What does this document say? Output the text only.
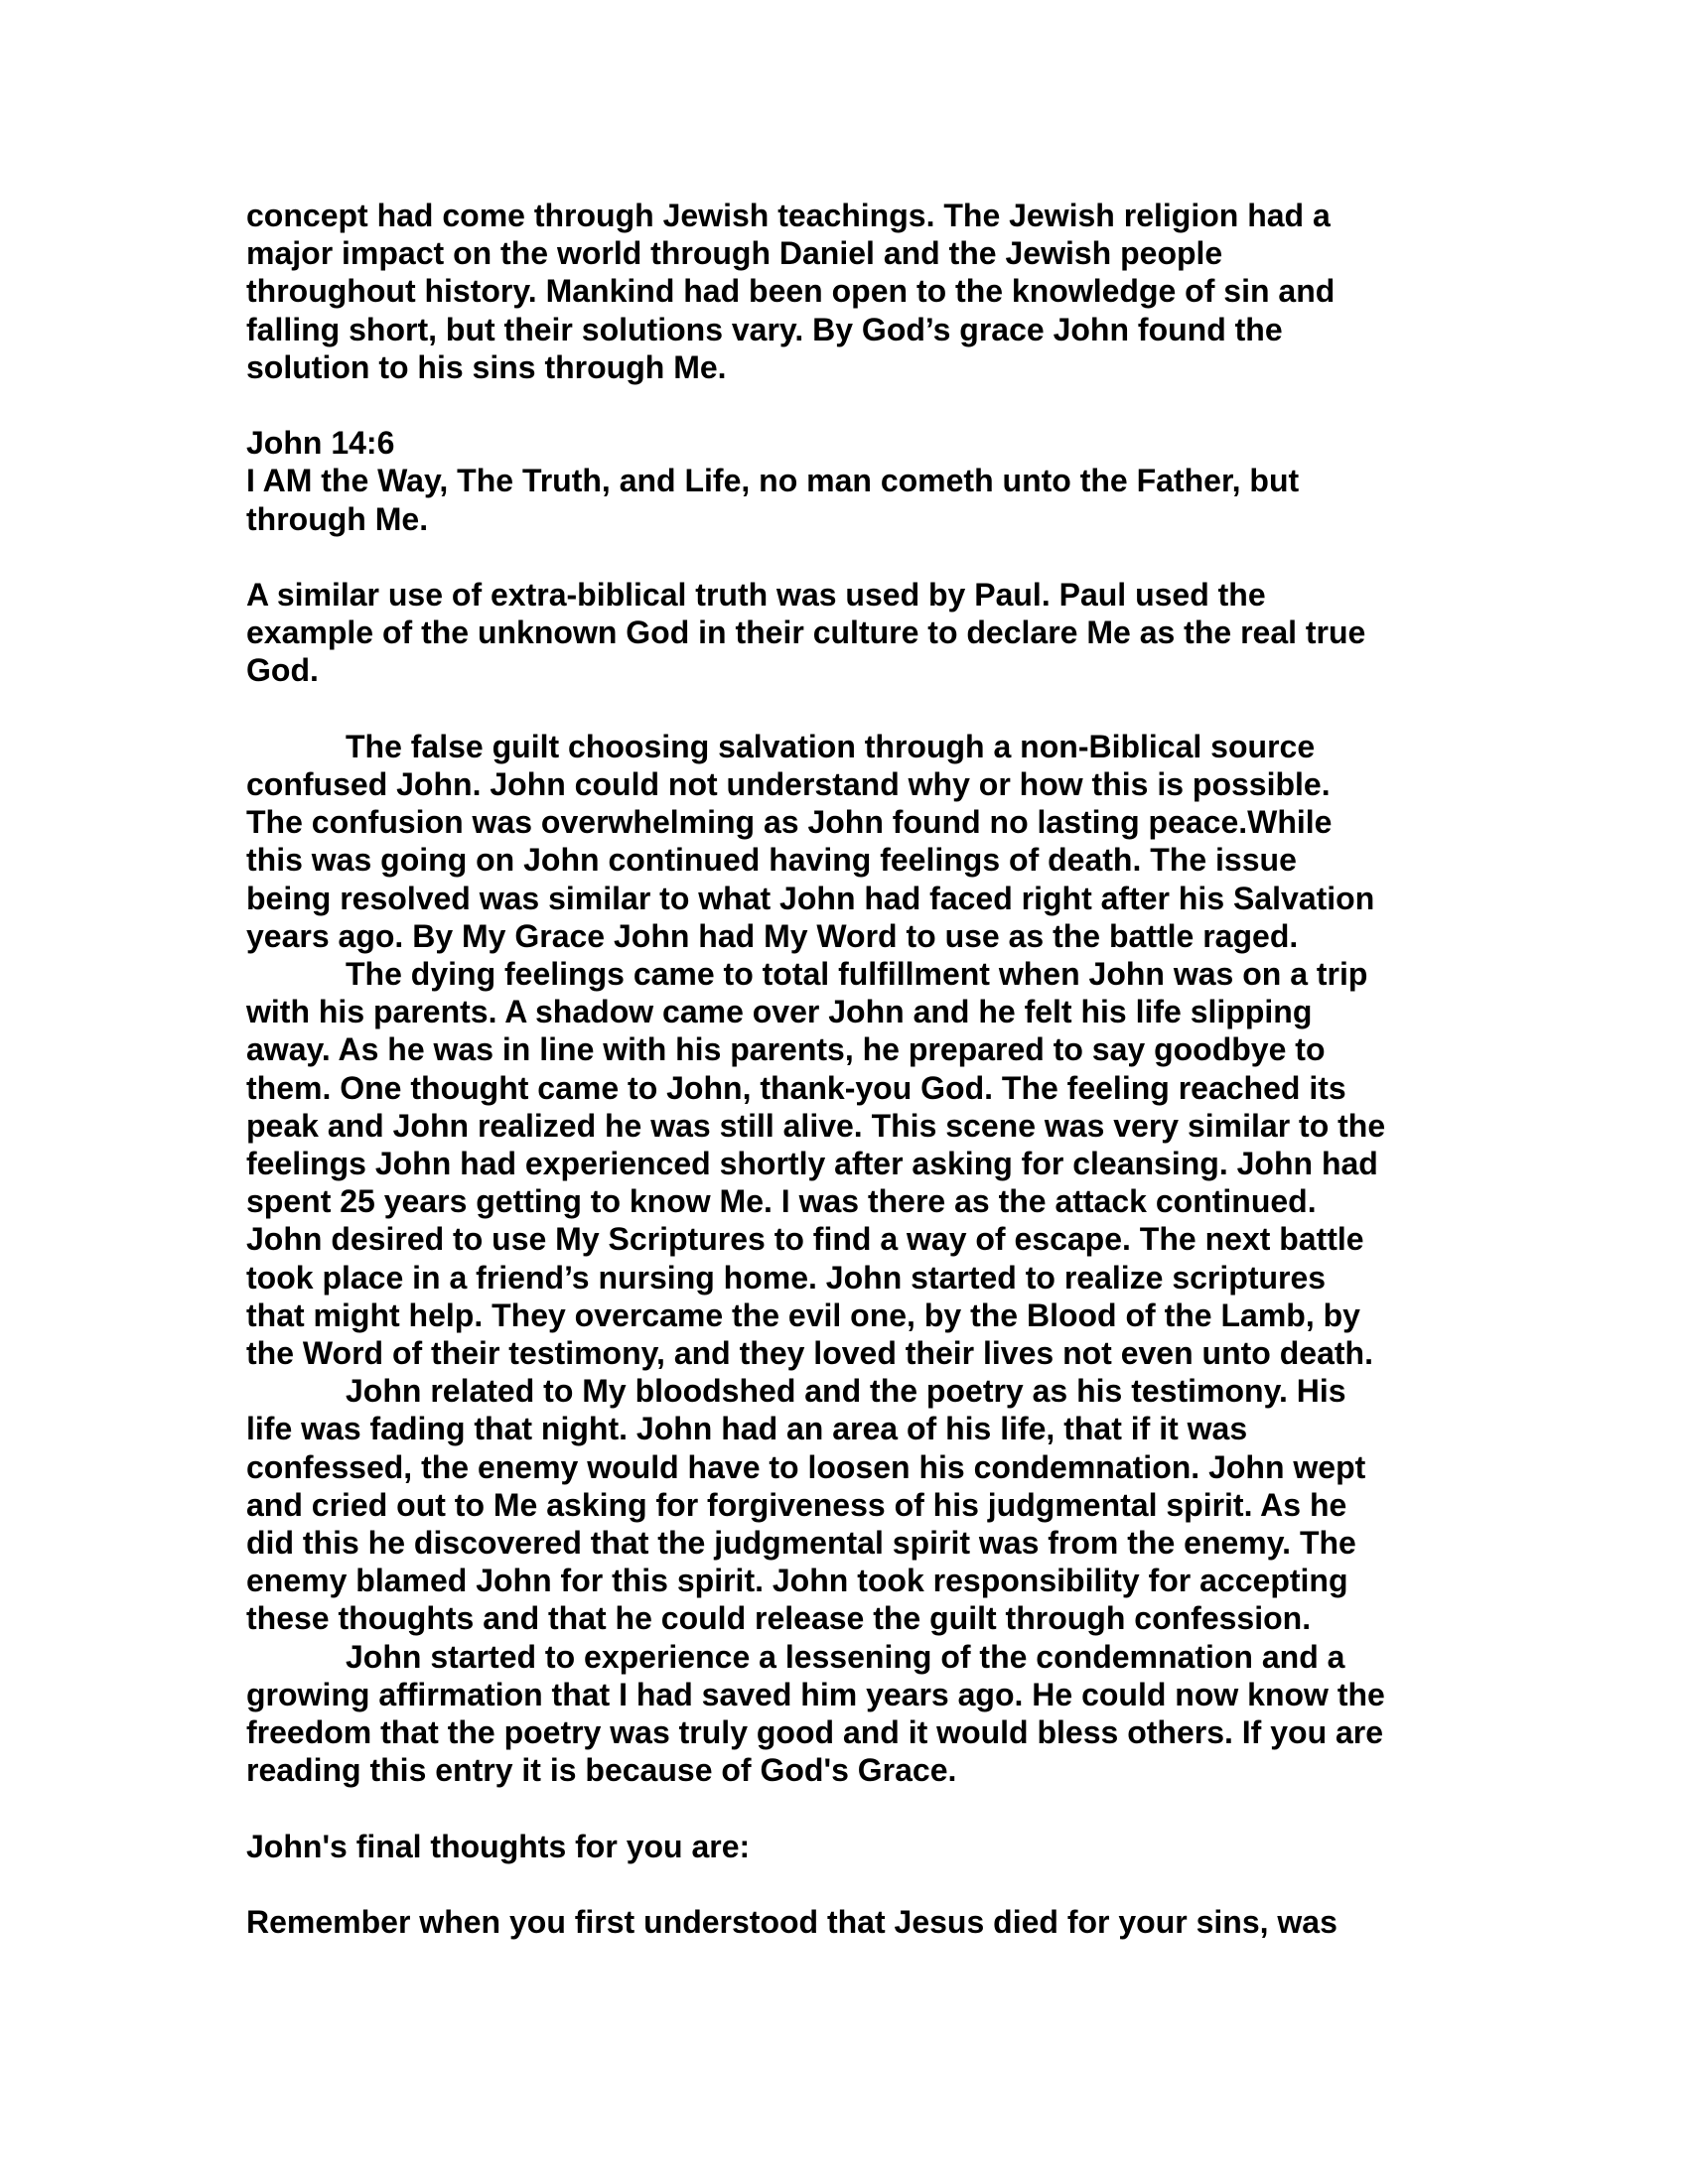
concept had come through Jewish teachings. The Jewish religion had a
major impact on the world through Daniel and the Jewish people
throughout history. Mankind had been open to the knowledge of sin and
falling short, but their solutions vary. By God’s grace John found the
solution to his sins through Me.
John 14:6
I AM the Way, The Truth, and Life, no man cometh unto the Father, but
through Me.
A similar use of extra-biblical truth was used by Paul. Paul used the
example of the unknown God in their culture to declare Me as the real true
God.
The false guilt choosing salvation through a non-Biblical source
confused John. John could not understand why or how this is possible.
The confusion was overwhelming as John found no lasting peace.While
this was going on John continued having feelings of death. The issue
being resolved was similar to what John had faced right after his Salvation
years ago. By My Grace John had My Word to use as the battle raged.
The dying feelings came to total fulfillment when John was on a trip
with his parents. A shadow came over John and he felt his life slipping
away. As he was in line with his parents, he prepared to say goodbye to
them. One thought came to John, thank-you God. The feeling reached its
peak and John realized he was still alive. This scene was very similar to the
feelings John had experienced shortly after asking for cleansing. John had
spent 25 years getting to know Me. I was there as the attack continued.
John desired to use My Scriptures to find a way of escape. The next battle
took place in a friend’s nursing home. John started to realize scriptures
that might help. They overcame the evil one, by the Blood of the Lamb, by
the Word of their testimony, and they loved their lives not even unto death.
John related to My bloodshed and the poetry as his testimony. His
life was fading that night. John had an area of his life, that if it was
confessed, the enemy would have to loosen his condemnation. John wept
and cried out to Me asking for forgiveness of his judgmental spirit. As he
did this he discovered that the judgmental spirit was from the enemy. The
enemy blamed John for this spirit. John took responsibility for accepting
these thoughts and that he could release the guilt through confession.
John started to experience a lessening of the condemnation and a
growing affirmation that I had saved him years ago. He could now know the
freedom that the poetry was truly good and it would bless others. If you are
reading this entry it is because of God's Grace.
John's final thoughts for you are:
Remember when you first understood that Jesus died for your sins, was
